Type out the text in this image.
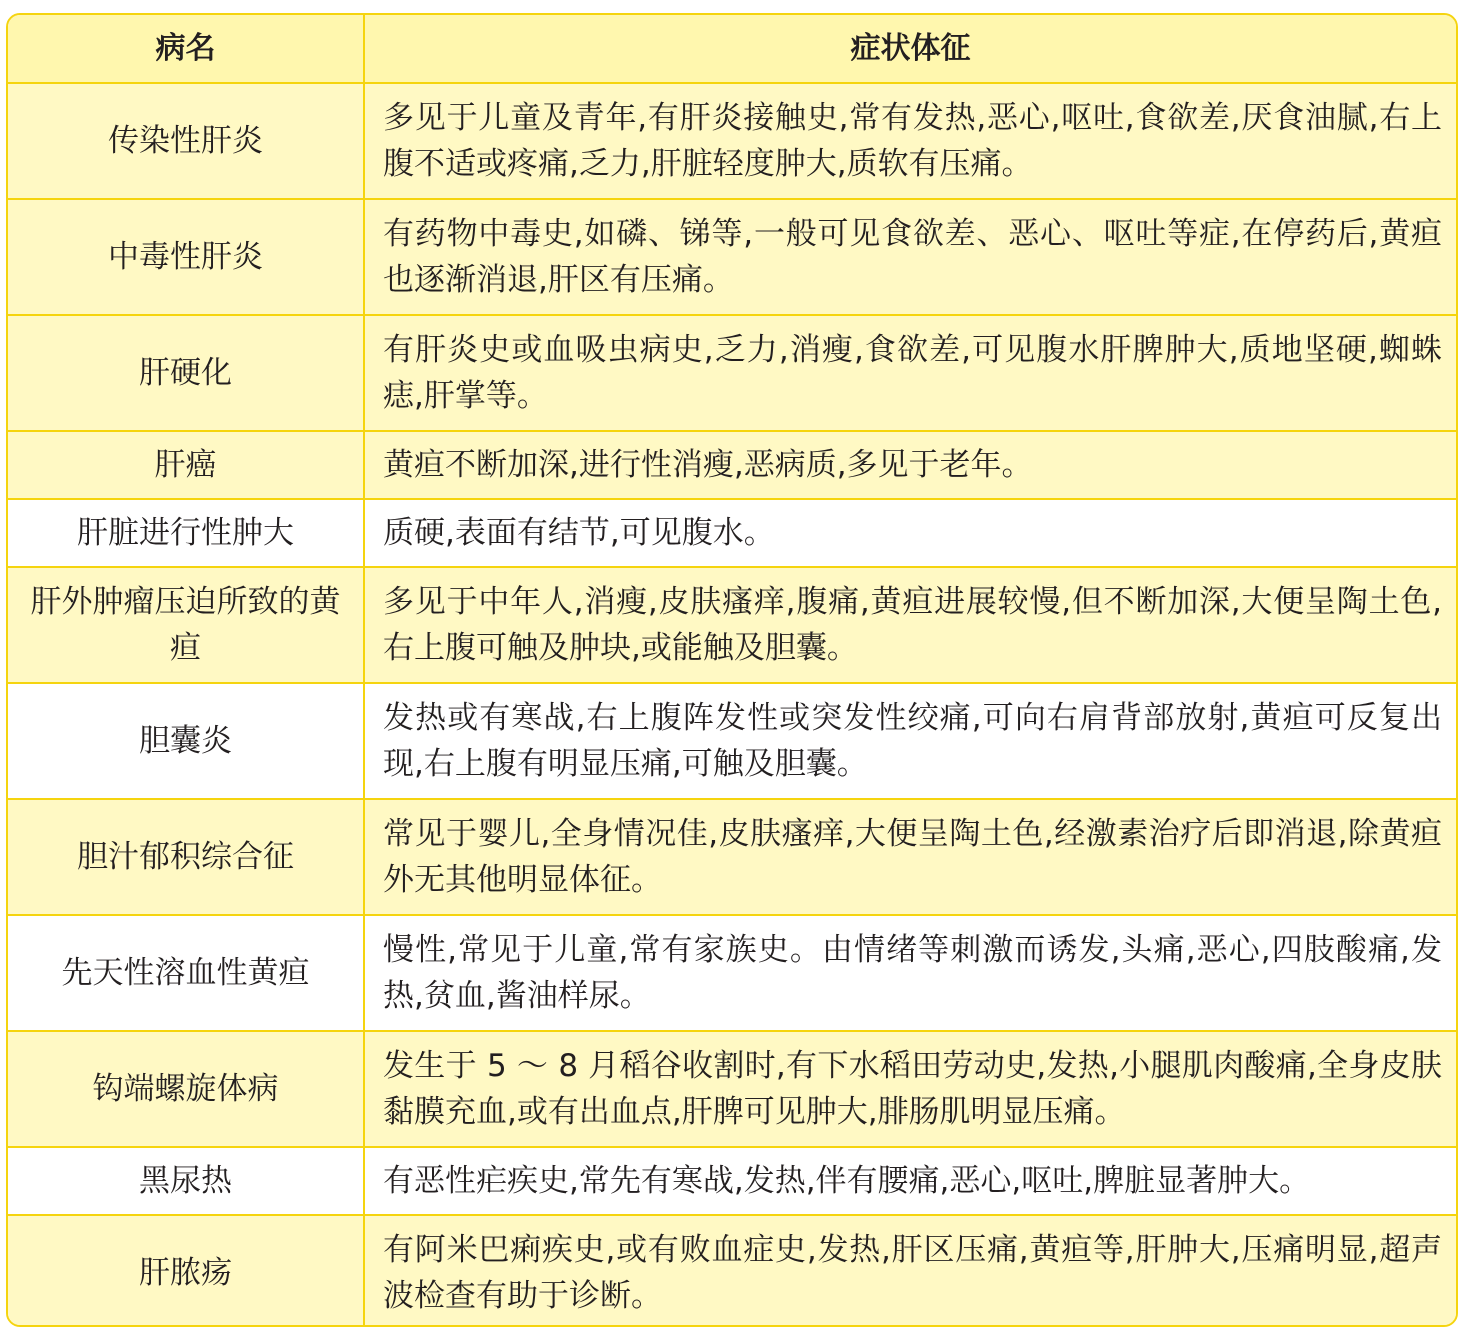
病名	症状体征
传染性肝炎	多见于儿童及青年,有肝炎接触史,常有发热,恶心,呕吐,食欲差,厌食油腻,右上腹不适或疼痛,乏力,肝脏轻度肿大,质软有压痛。
中毒性肝炎	有药物中毒史,如磷、锑等,一般可见食欲差、恶心、呕吐等症,在停药后,黄疸也逐渐消退,肝区有压痛。
肝硬化	有肝炎史或血吸虫病史,乏力,消瘦,食欲差,可见腹水肝脾肿大,质地坚硬,蜘蛛痣,肝掌等。
肝癌	黄疸不断加深,进行性消瘦,恶病质,多见于老年。
肝脏进行性肿大	质硬,表面有结节,可见腹水。
肝外肿瘤压迫所致的黄疸	多见于中年人,消瘦,皮肤瘙痒,腹痛,黄疸进展较慢,但不断加深,大便呈陶土色,右上腹可触及肿块,或能触及胆囊。
胆囊炎	发热或有寒战,右上腹阵发性或突发性绞痛,可向右肩背部放射,黄疸可反复出现,右上腹有明显压痛,可触及胆囊。
胆汁郁积综合征	常见于婴儿,全身情况佳,皮肤瘙痒,大便呈陶土色,经激素治疗后即消退,除黄疸外无其他明显体征。
先天性溶血性黄疸	慢性,常见于儿童,常有家族史。由情绪等刺激而诱发,头痛,恶心,四肢酸痛,发热,贫血,酱油样尿。
钩端螺旋体病	发生于 5 ～ 8 月稻谷收割时,有下水稻田劳动史,发热,小腿肌肉酸痛,全身皮肤黏膜充血,或有出血点,肝脾可见肿大,腓肠肌明显压痛。
黑尿热	有恶性疟疾史,常先有寒战,发热,伴有腰痛,恶心,呕吐,脾脏显著肿大。
肝脓疡	有阿米巴痢疾史,或有败血症史,发热,肝区压痛,黄疸等,肝肿大,压痛明显,超声波检查有助于诊断。
